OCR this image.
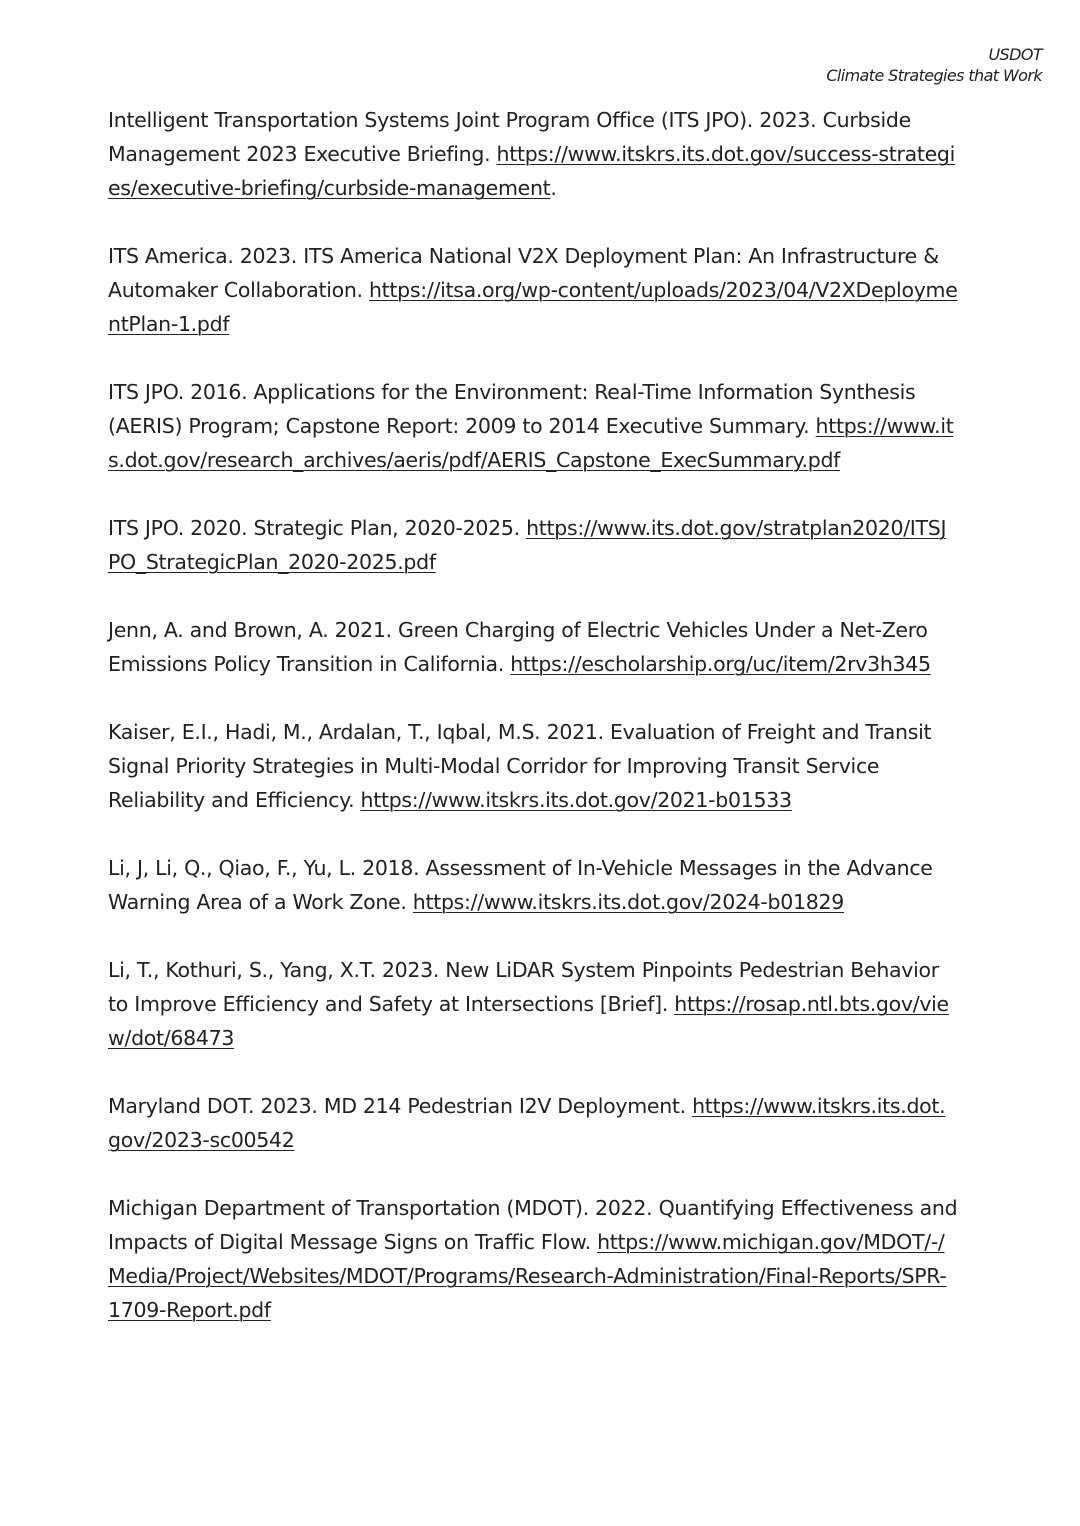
USDOT
Climate Strategies that Work

Intelligent Transportation Systems Joint Program Office (ITS JPO). 2023. Curbside Management 2023 Executive Briefing. https://www.itskrs.its.dot.gov/success-strategies/executive-briefing/curbside-management.

ITS America. 2023. ITS America National V2X Deployment Plan: An Infrastructure & Automaker Collaboration. https://itsa.org/wp-content/uploads/2023/04/V2XDeploymentPlan-1.pdf

ITS JPO. 2016. Applications for the Environment: Real-Time Information Synthesis (AERIS) Program; Capstone Report: 2009 to 2014 Executive Summary. https://www.its.dot.gov/research_archives/aeris/pdf/AERIS_Capstone_ExecSummary.pdf

ITS JPO. 2020. Strategic Plan, 2020-2025. https://www.its.dot.gov/stratplan2020/ITSJPO_StrategicPlan_2020-2025.pdf

Jenn, A. and Brown, A. 2021. Green Charging of Electric Vehicles Under a Net-Zero Emissions Policy Transition in California. https://escholarship.org/uc/item/2rv3h345

Kaiser, E.I., Hadi, M., Ardalan, T., Iqbal, M.S. 2021. Evaluation of Freight and Transit Signal Priority Strategies in Multi-Modal Corridor for Improving Transit Service Reliability and Efficiency. https://www.itskrs.its.dot.gov/2021-b01533

Li, J, Li, Q., Qiao, F., Yu, L. 2018. Assessment of In-Vehicle Messages in the Advance Warning Area of a Work Zone. https://www.itskrs.its.dot.gov/2024-b01829

Li, T., Kothuri, S., Yang, X.T. 2023. New LiDAR System Pinpoints Pedestrian Behavior to Improve Efficiency and Safety at Intersections [Brief]. https://rosap.ntl.bts.gov/view/dot/68473

Maryland DOT. 2023. MD 214 Pedestrian I2V Deployment. https://www.itskrs.its.dot.gov/2023-sc00542

Michigan Department of Transportation (MDOT). 2022. Quantifying Effectiveness and Impacts of Digital Message Signs on Traffic Flow. https://www.michigan.gov/MDOT/-/Media/Project/Websites/MDOT/Programs/Research-Administration/Final-Reports/SPR-1709-Report.pdf
